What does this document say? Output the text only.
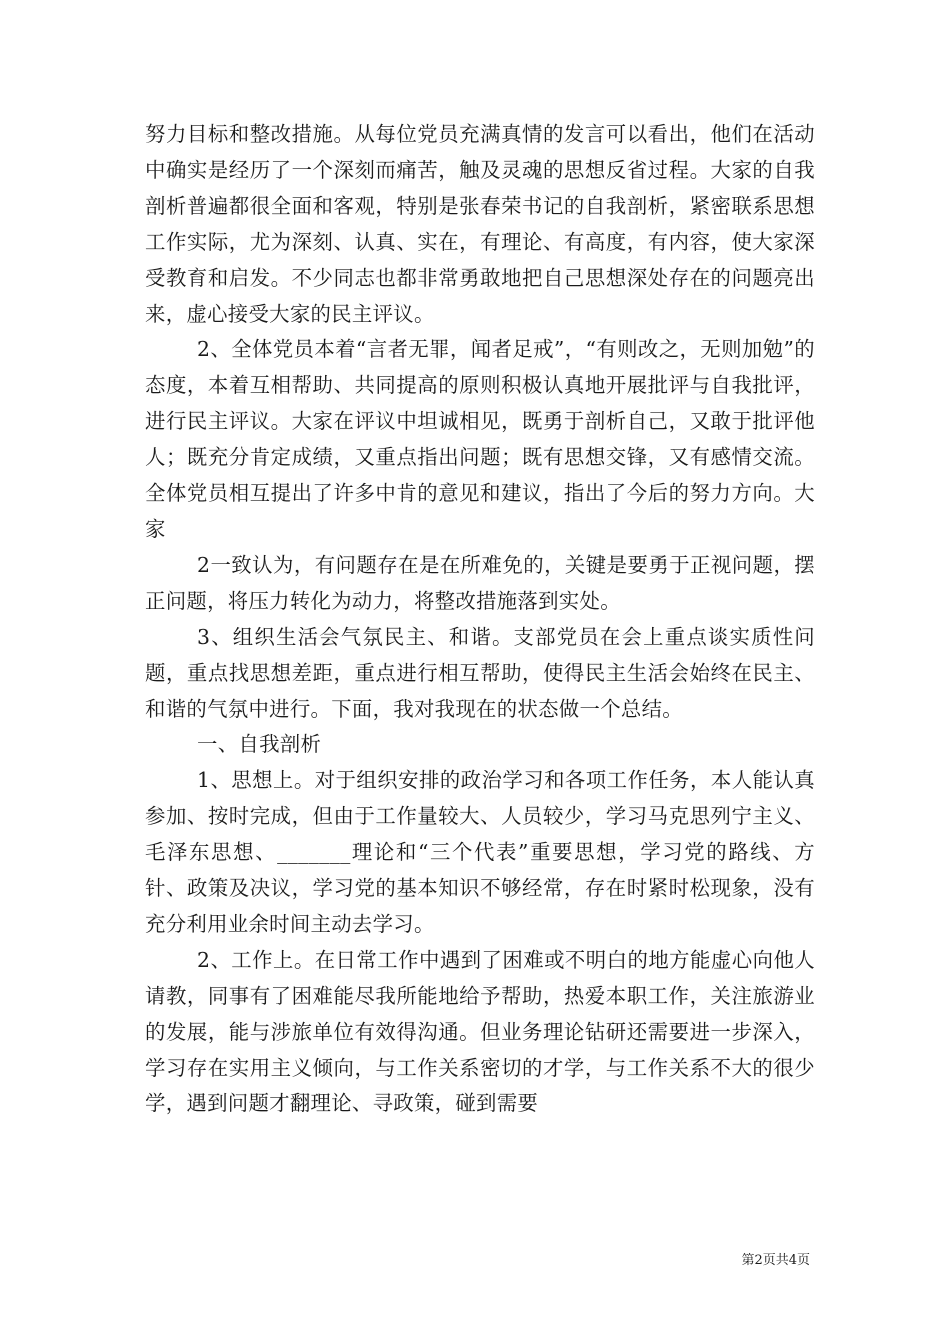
努力目标和整改措施。从每位党员充满真情的发言可以看出，他们在活动中确实是经历了一个深刻而痛苦，触及灵魂的思想反省过程。大家的自我剖析普遍都很全面和客观，特别是张春荣书记的自我剖析，紧密联系思想工作实际，尤为深刻、认真、实在，有理论、有高度，有内容，使大家深受教育和启发。不少同志也都非常勇敢地把自己思想深处存在的问题亮出来，虚心接受大家的民主评议。

2、全体党员本着“言者无罪，闻者足戒”，“有则改之，无则加勉”的态度，本着互相帮助、共同提高的原则积极认真地开展批评与自我批评，进行民主评议。大家在评议中坦诚相见，既勇于剖析自己，又敢于批评他人；既充分肯定成绩，又重点指出问题；既有思想交锋，又有感情交流。全体党员相互提出了许多中肯的意见和建议，指出了今后的努力方向。大家

2一致认为，有问题存在是在所难免的，关键是要勇于正视问题，摆正问题，将压力转化为动力，将整改措施落到实处。

3、组织生活会气氛民主、和谐。支部党员在会上重点谈实质性问题，重点找思想差距，重点进行相互帮助，使得民主生活会始终在民主、和谐的气氛中进行。下面，我对我现在的状态做一个总结。

一、自我剖析

1、思想上。对于组织安排的政治学习和各项工作任务，本人能认真参加、按时完成，但由于工作量较大、人员较少，学习马克思列宁主义、毛泽东思想、_______理论和“三个代表”重要思想，学习党的路线、方针、政策及决议，学习党的基本知识不够经常，存在时紧时松现象，没有充分利用业余时间主动去学习。

2、工作上。在日常工作中遇到了困难或不明白的地方能虚心向他人请教，同事有了困难能尽我所能地给予帮助，热爱本职工作，关注旅游业的发展，能与涉旅单位有效得沟通。但业务理论钻研还需要进一步深入，学习存在实用主义倾向，与工作关系密切的才学，与工作关系不大的很少学，遇到问题才翻理论、寻政策，碰到需要

第2页共4页
